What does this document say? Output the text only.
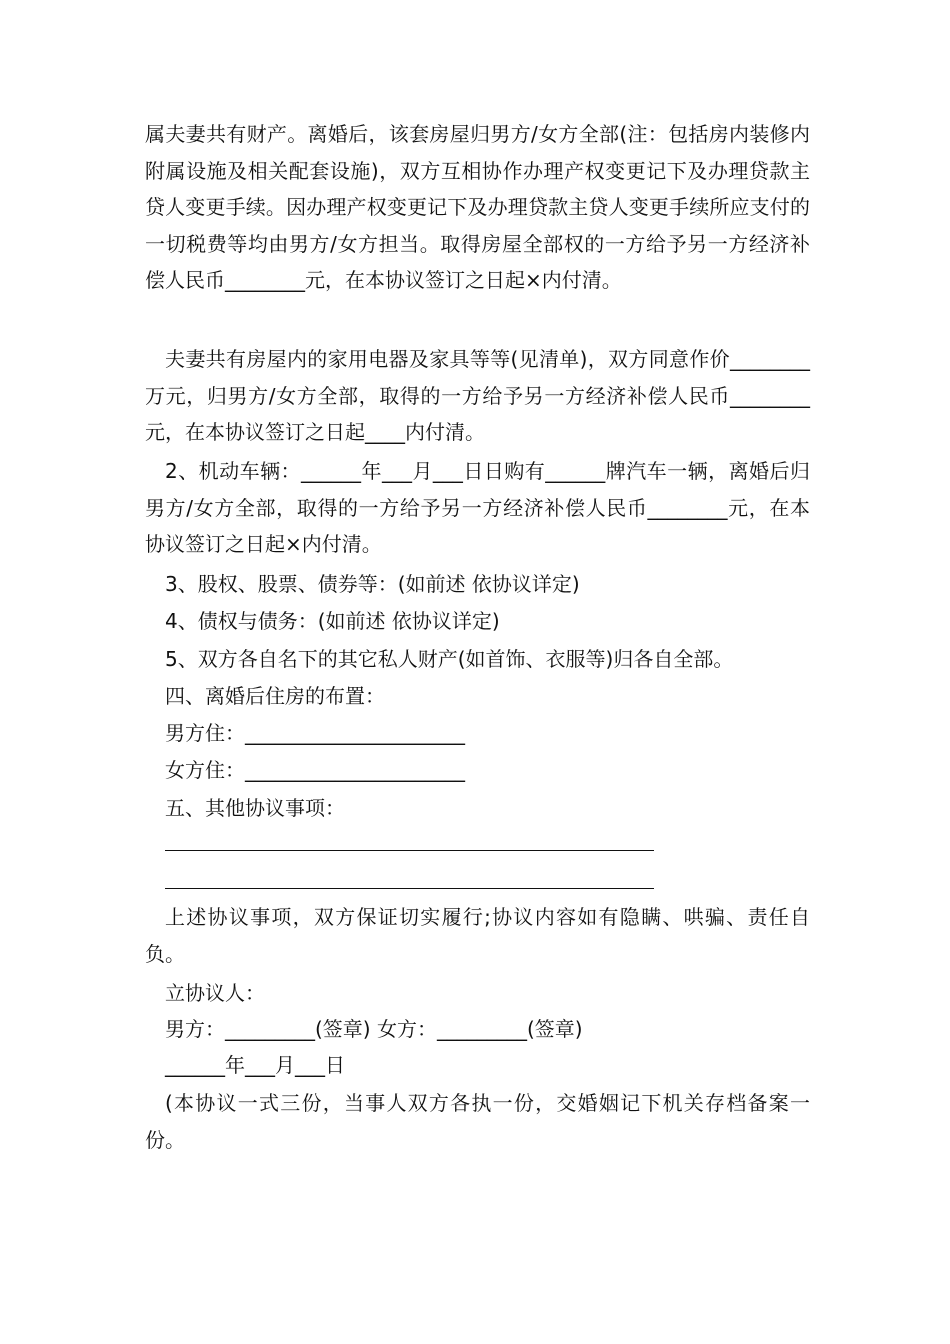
属夫妻共有财产。离婚后，该套房屋归男方/女方全部(注：包括房内装修内附属设施及相关配套设施)，双方互相协作办理产权变更记下及办理贷款主贷人变更手续。因办理产权变更记下及办理贷款主贷人变更手续所应支付的一切税费等均由男方/女方担当。取得房屋全部权的一方给予另一方经济补偿人民币________元，在本协议签订之日起×内付清。

夫妻共有房屋内的家用电器及家具等等(见清单)，双方同意作价________万元，归男方/女方全部，取得的一方给予另一方经济补偿人民币________元，在本协议签订之日起____内付清。

2、机动车辆：______年___月___日日购有______牌汽车一辆，离婚后归男方/女方全部，取得的一方给予另一方经济补偿人民币________元，在本协议签订之日起×内付清。

3、股权、股票、债券等：(如前述 依协议详定)

4、债权与债务：(如前述 依协议详定)

5、双方各自名下的其它私人财产(如首饰、衣服等)归各自全部。

四、离婚后住房的布置：

男方住：______________________

女方住：______________________

五、其他协议事项：

上述协议事项，双方保证切实履行;协议内容如有隐瞒、哄骗、责任自负。

立协议人：

男方：_________(签章) 女方：_________(签章)

______年___月___日

(本协议一式三份，当事人双方各执一份，交婚姻记下机关存档备案一份。
